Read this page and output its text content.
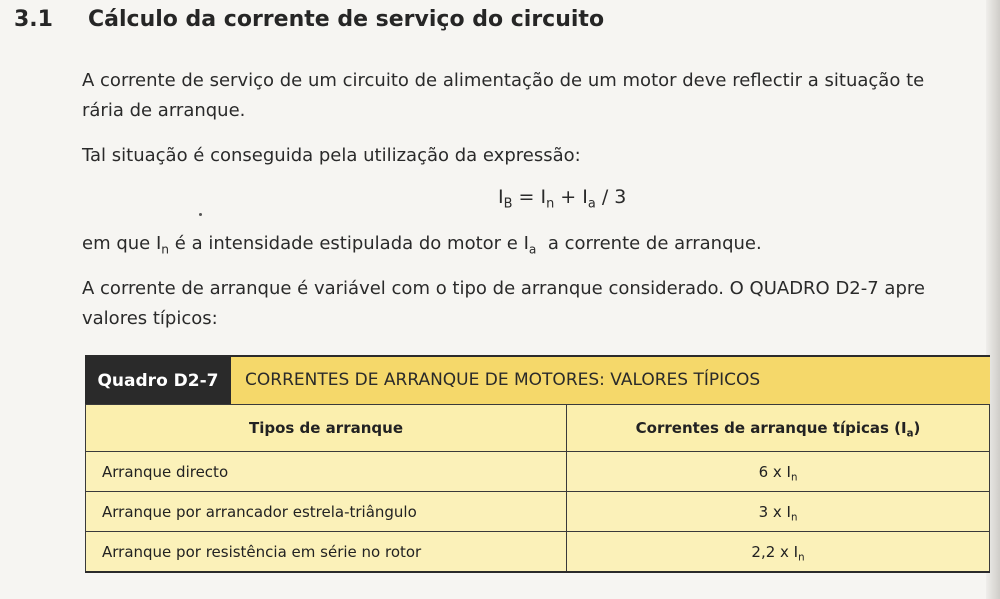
3.1 Cálculo da corrente de serviço do circuito
A corrente de serviço de um circuito de alimentação de um motor deve reflectir a situação te
rária de arranque.
Tal situação é conseguida pela utilização da expressão:
$I_B = I_n + I_a / 3$
em que $I_n$ é a intensidade estipulada do motor e $I_a$  a corrente de arranque.
A corrente de arranque é variável com o tipo de arranque considerado. O QUADRO D2-7 apre
valores típicos:
Quadro D2-7	CORRENTES DE ARRANQUE DE MOTORES: VALORES TÍPICOS
Tipos de arranque	Correntes de arranque típicas $(I_a)$
Arranque directo	6 x $I_n$
Arranque por arrancador estrela-triângulo	3 x $I_n$
Arranque por resistência em série no rotor	2,2 x $I_n$
